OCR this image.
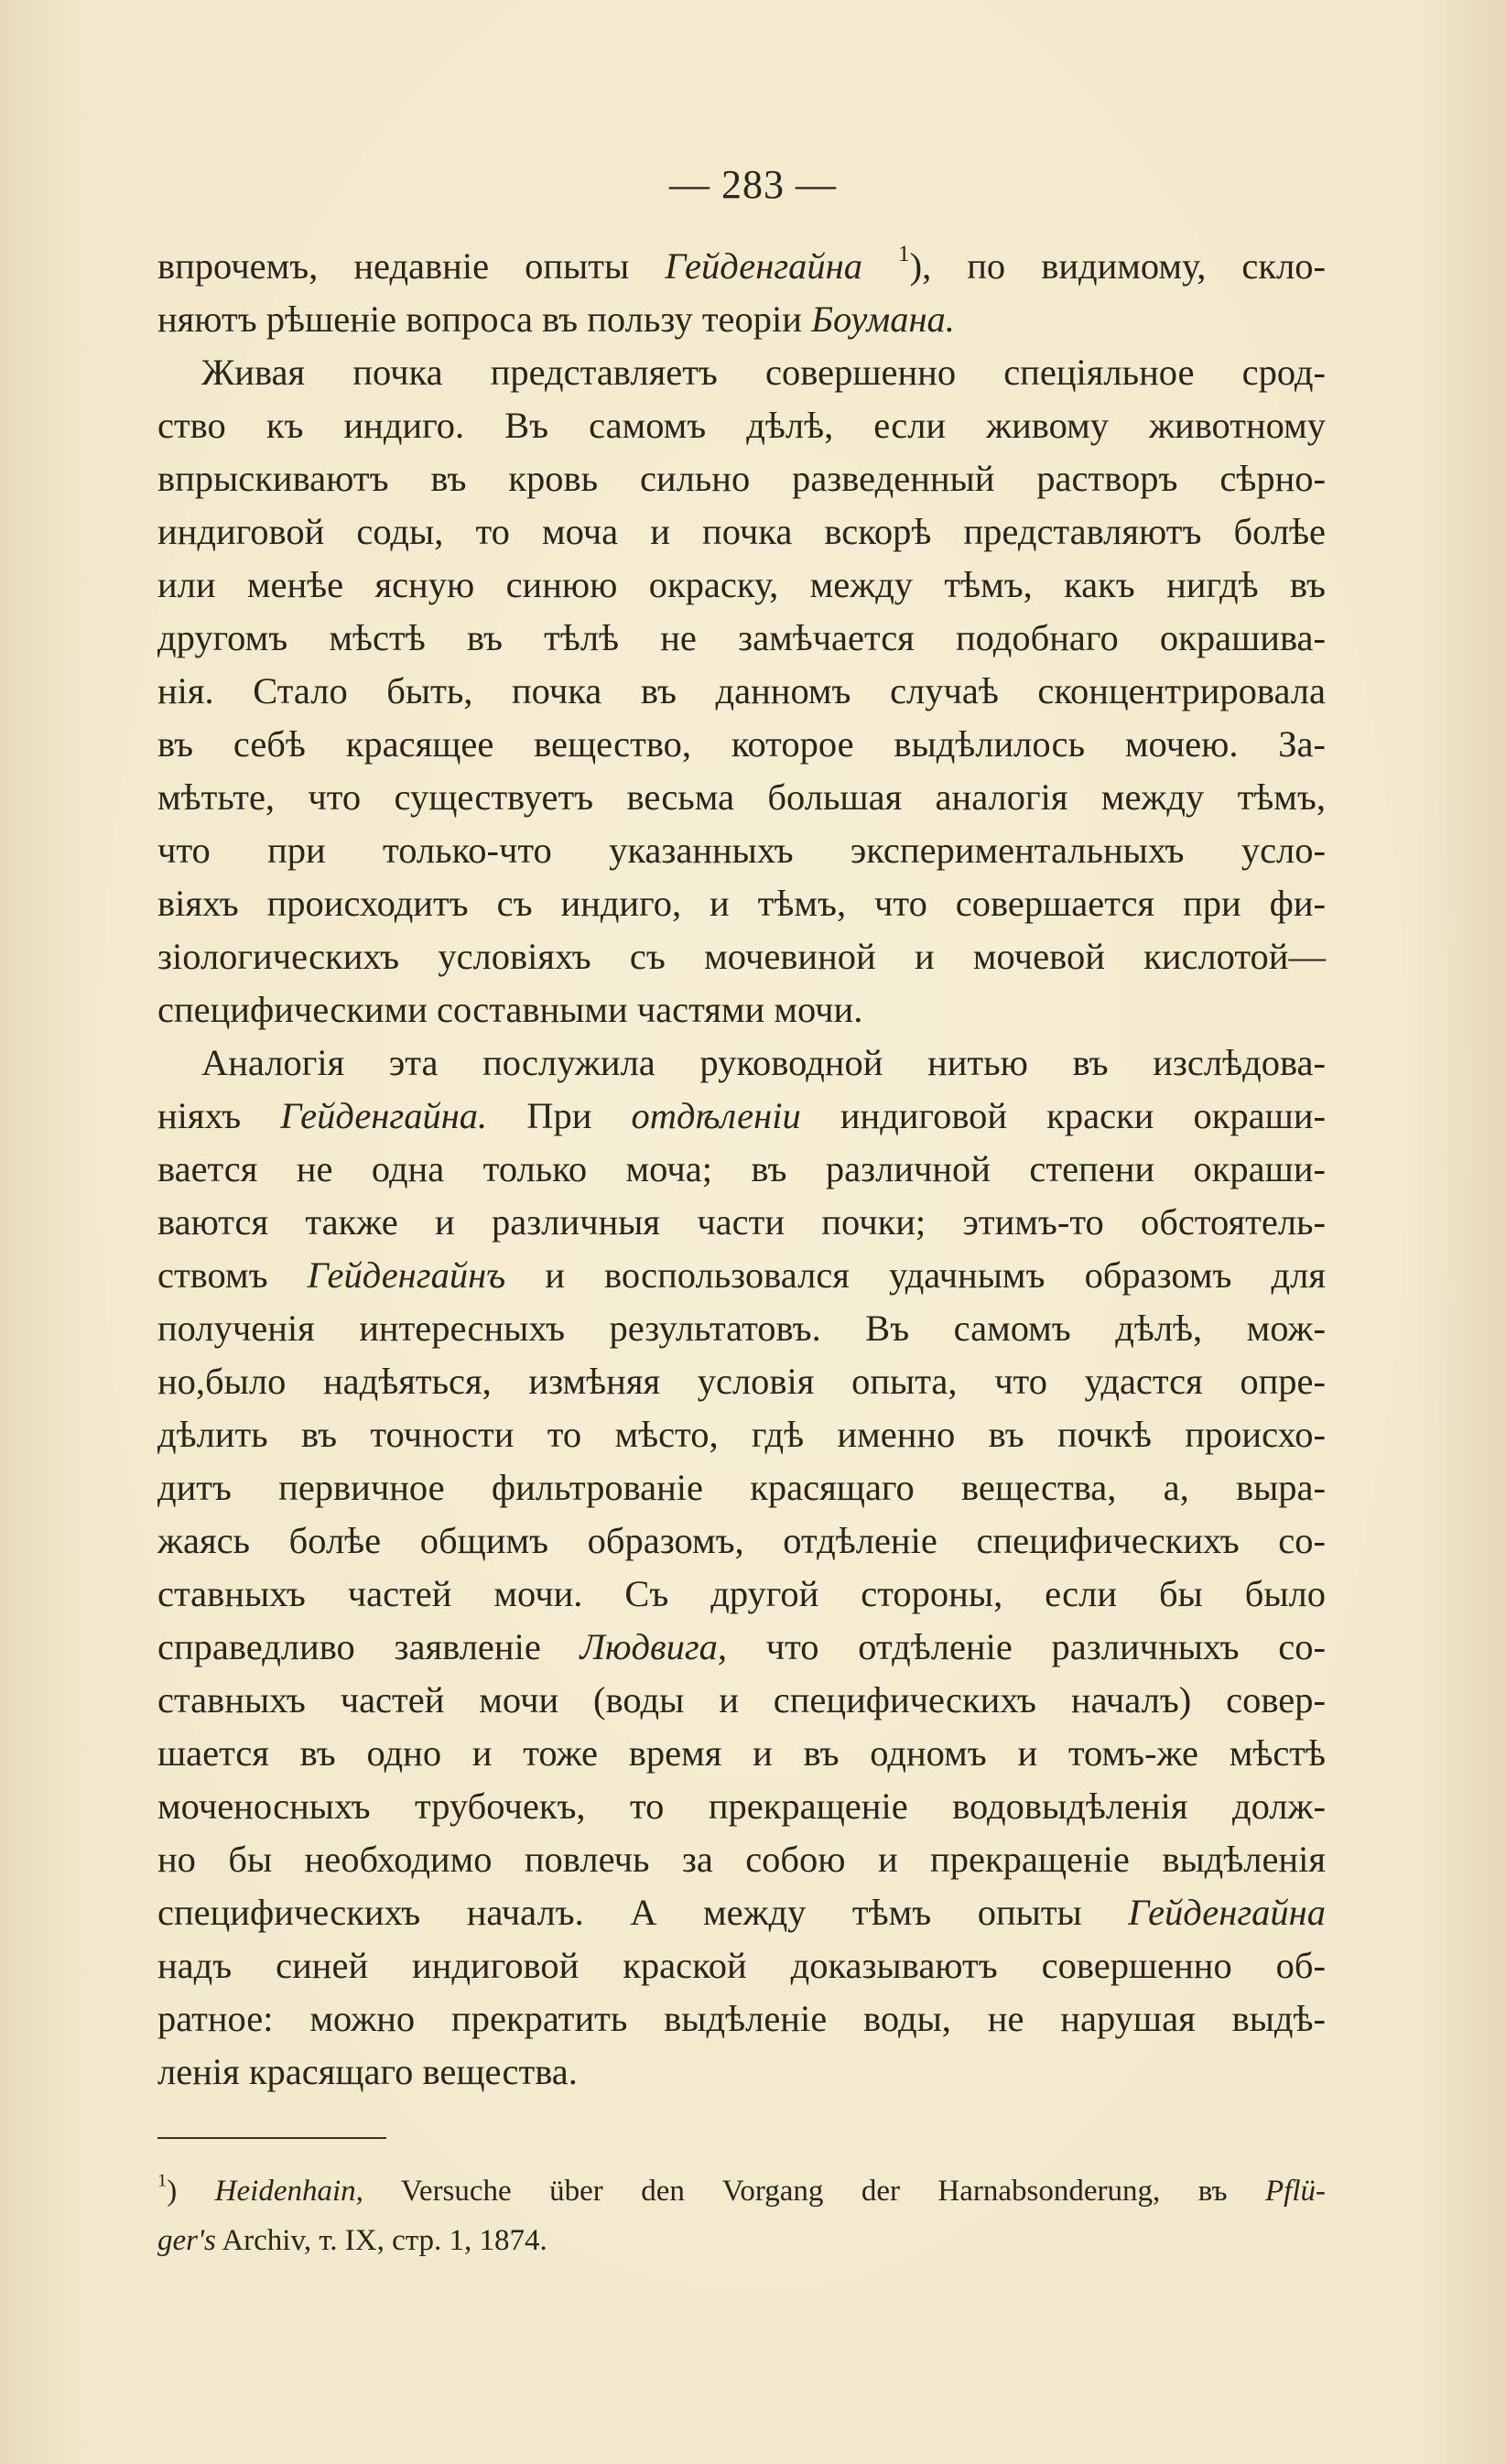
— 283 —

впрочемъ, недавніе опыты Гейденгайна $^1$), по видимому, скло-
няютъ рѣшеніе вопроса въ пользу теоріи Боумана.

Живая почка представляетъ совершенно спеціяльное срод-
ство къ индиго. Въ самомъ дѣлѣ, если живому животному
впрыскиваютъ въ кровь сильно разведенный растворъ сѣрно-
индиговой соды, то моча и почка вскорѣ представляютъ болѣе
или менѣе ясную синюю окраску, между тѣмъ, какъ нигдѣ въ
другомъ мѣстѣ въ тѣлѣ не замѣчается подобнаго окрашива-
нія. Стало быть, почка въ данномъ случаѣ сконцентрировала
въ себѣ красящее вещество, которое выдѣлилось мочею. За-
мѣтьте, что существуетъ весьма большая аналогія между тѣмъ,
что при только-что указанныхъ экспериментальныхъ усло-
віяхъ происходитъ съ индиго, и тѣмъ, что совершается при фи-
зіологическихъ условіяхъ съ мочевиной и мочевой кислотой—
специфическими составными частями мочи.

Аналогія эта послужила руководной нитью въ изслѣдова-
ніяхъ Гейденгайна. При отдѣленіи индиговой краски окраши-
вается не одна только моча; въ различной степени окраши-
ваются также и различныя части почки; этимъ-то обстоятель-
ствомъ Гейденгайнъ и воспользовался удачнымъ образомъ для
полученія интересныхъ результатовъ. Въ самомъ дѣлѣ, мож-
но,было надѣяться, измѣняя условія опыта, что удастся опре-
дѣлить въ точности то мѣсто, гдѣ именно въ почкѣ происхо-
дитъ первичное фильтрованіе красящаго вещества, а, выра-
жаясь болѣе общимъ образомъ, отдѣленіе специфическихъ со-
ставныхъ частей мочи. Съ другой стороны, если бы было
справедливо заявленіе Людвига, что отдѣленіе различныхъ со-
ставныхъ частей мочи (воды и специфическихъ началъ) совер-
шается въ одно и тоже время и въ одномъ и томъ-же мѣстѣ
моченосныхъ трубочекъ, то прекращеніе водовыдѣленія долж-
но бы необходимо повлечь за собою и прекращеніе выдѣленія
специфическихъ началъ. А между тѣмъ опыты Гейденгайна
надъ синей индиговой краской доказываютъ совершенно об-
ратное: можно прекратить выдѣленіе воды, не нарушая выдѣ-
ленія красящаго вещества.

$^1$) Heidenhain, Versuche über den Vorgang der Harnabsonderung, въ Pflü-
ger's Archiv, т. IX, стр. 1, 1874.
